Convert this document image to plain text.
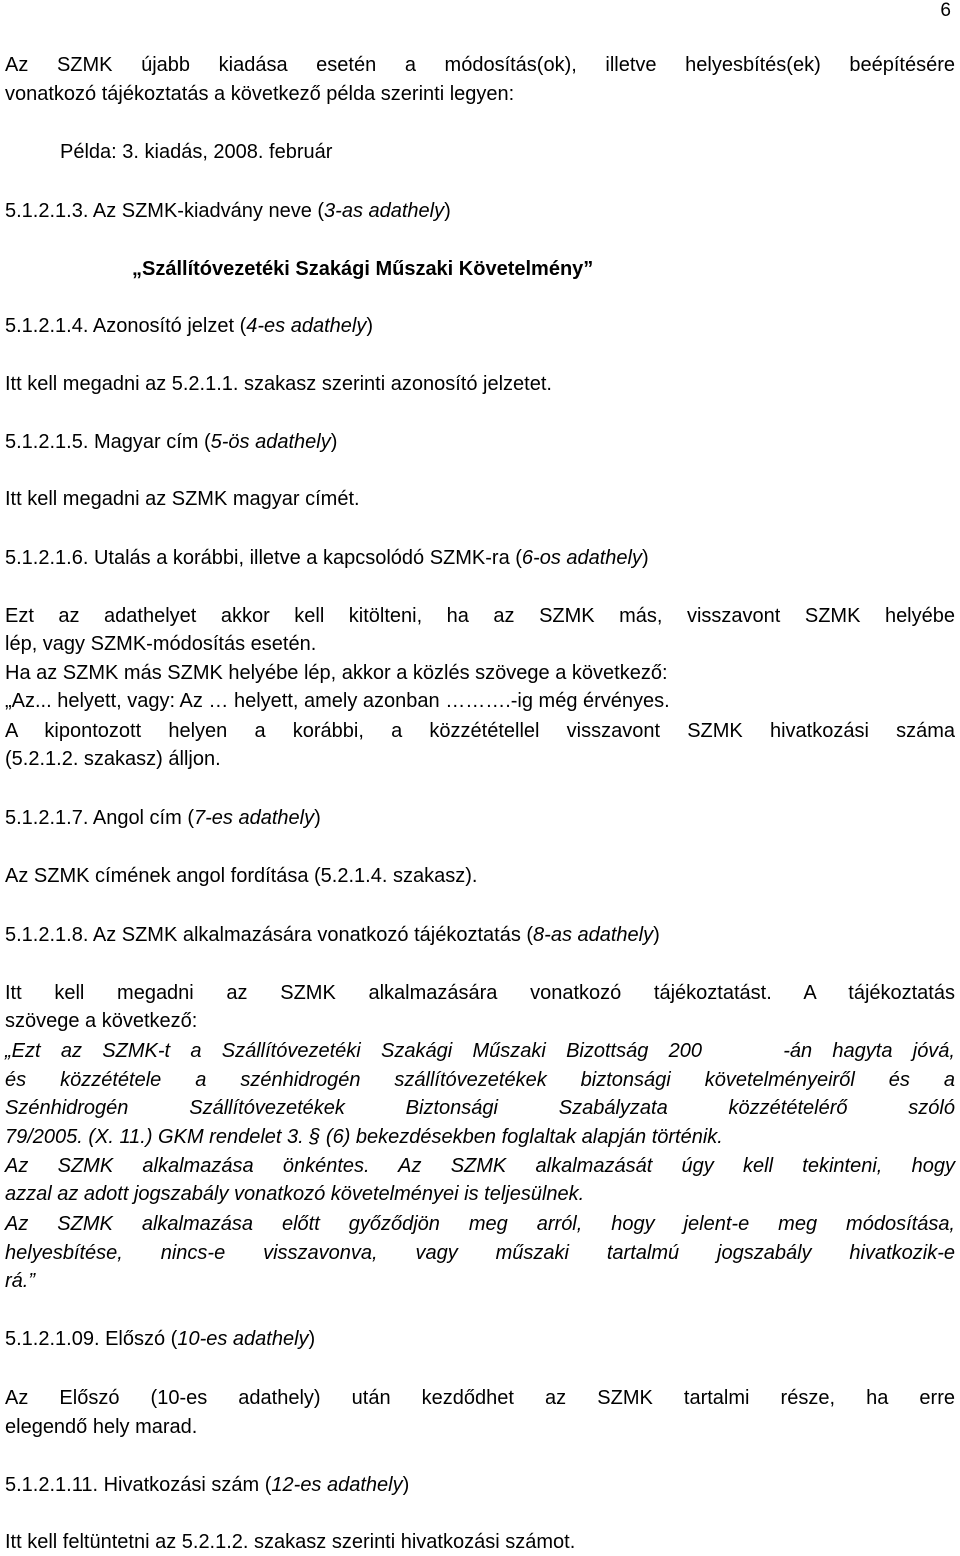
6
Az SZMK újabb kiadása esetén a módosítás(ok), illetve helyesbítés(ek) beépítésére
vonatkozó tájékoztatás a következő példa szerinti legyen:
Példa: 3. kiadás, 2008. február
5.1.2.1.3. Az SZMK-kiadvány neve (3-as adathely)
„Szállítóvezetéki Szakági Műszaki Követelmény”
5.1.2.1.4. Azonosító jelzet (4-es adathely)
Itt kell megadni az 5.2.1.1. szakasz szerinti azonosító jelzetet.
5.1.2.1.5. Magyar cím (5-ös adathely)
Itt kell megadni az SZMK magyar címét.
5.1.2.1.6. Utalás a korábbi, illetve a kapcsolódó SZMK-ra (6-os adathely)
Ezt az adathelyet akkor kell kitölteni, ha az SZMK más, visszavont SZMK helyébe
lép, vagy SZMK-módosítás esetén.
Ha az SZMK más SZMK helyébe lép, akkor a közlés szövege a következő:
„Az... helyett, vagy: Az … helyett, amely azonban ……….-ig még érvényes.
A kipontozott helyen a korábbi, a közzététellel visszavont SZMK hivatkozási száma
(5.2.1.2. szakasz) álljon.
5.1.2.1.7. Angol cím (7-es adathely)
Az SZMK címének angol fordítása (5.2.1.4. szakasz).
5.1.2.1.8. Az SZMK alkalmazására vonatkozó tájékoztatás (8-as adathely)
Itt kell megadni az SZMK alkalmazására vonatkozó tájékoztatást. A tájékoztatás
szövege a következő:
„Ezt az SZMK-t a Szállítóvezetéki Szakági Műszaki Bizottság 200    -án hagyta jóvá,
és közzététele a szénhidrogén szállítóvezetékek biztonsági követelményeiről és a
Szénhidrogén Szállítóvezetékek Biztonsági Szabályzata közzétételérő szóló
79/2005. (X. 11.) GKM rendelet 3. § (6) bekezdésekben foglaltak alapján történik.
Az SZMK alkalmazása önkéntes. Az SZMK alkalmazását úgy kell tekinteni, hogy
azzal az adott jogszabály vonatkozó követelményei is teljesülnek.
Az SZMK alkalmazása előtt győződjön meg arról, hogy jelent-e meg módosítása,
helyesbítése, nincs-e visszavonva, vagy műszaki tartalmú jogszabály hivatkozik-e
rá.”
5.1.2.1.09. Előszó (10-es adathely)
Az Előszó (10-es adathely) után kezdődhet az SZMK tartalmi része, ha erre
elegendő hely marad.
5.1.2.1.11. Hivatkozási szám (12-es adathely)
Itt kell feltüntetni az 5.2.1.2. szakasz szerinti hivatkozási számot.
